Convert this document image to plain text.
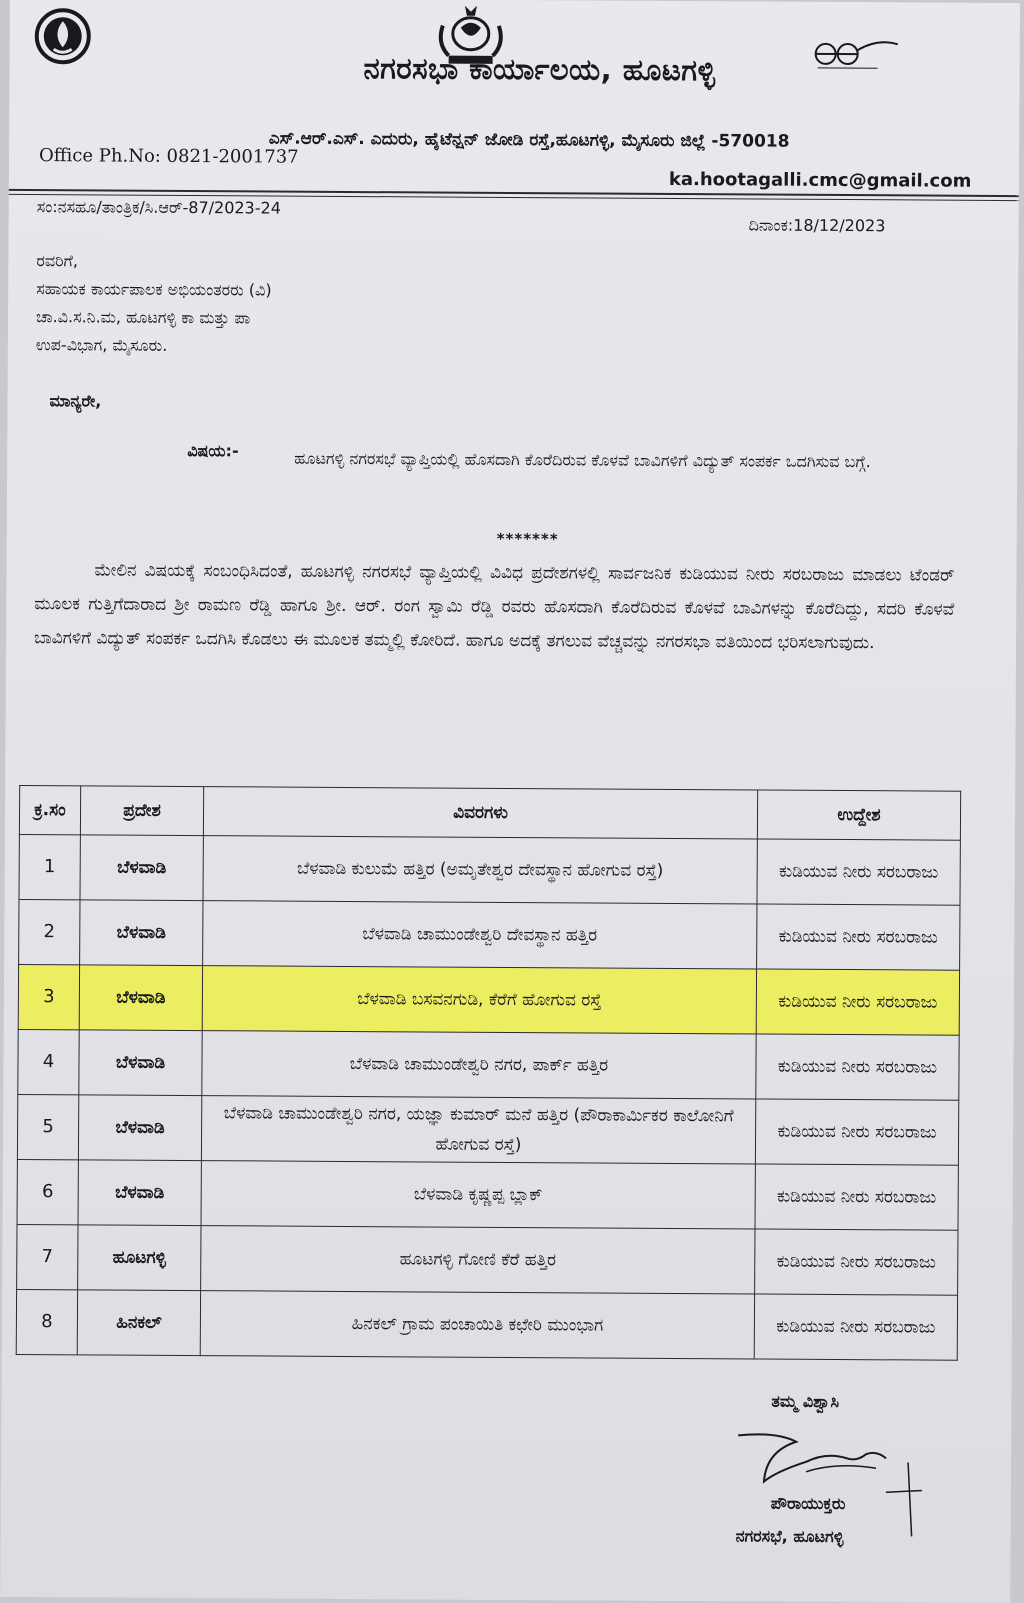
ನಗರಸಭಾ ಕಾರ್ಯಾಲಯ, ಹೂಟಗಳ್ಳಿ
ಎಸ್.ಆರ್.ಎಸ್. ಎದುರು, ಹೈಟೆನ್ಷನ್ ಜೋಡಿ ರಸ್ತೆ,ಹೂಟಗಳ್ಳಿ, ಮೈಸೂರು ಜಿಲ್ಲೆ -570018
Office Ph.No: 0821-2001737
ka.hootagalli.cmc@gmail.com
ಸಂ:ನಸಹೂ/ತಾಂತ್ರಿಕ/ಸಿ.ಆರ್-87/2023-24
ದಿನಾಂಕ:18/12/2023
ರವರಿಗೆ,
ಸಹಾಯಕ ಕಾರ್ಯಪಾಲಕ ಅಭಿಯಂತರರು (ವಿ)
ಚಾ.ವಿ.ಸ.ನಿ.ಮ, ಹೂಟಗಳ್ಳಿ ಕಾ ಮತ್ತು ಪಾ
ಉಪ-ವಿಭಾಗ, ಮೈಸೂರು.
ಮಾನ್ಯರೇ,
ವಿಷಯ:-	ಹೂಟಗಳ್ಳಿ ನಗರಸಭೆ ವ್ಯಾಪ್ತಿಯಲ್ಲಿ ಹೊಸದಾಗಿ ಕೊರೆದಿರುವ ಕೊಳವೆ ಬಾವಿಗಳಿಗೆ ವಿದ್ಯುತ್ ಸಂಪರ್ಕ ಒದಗಿಸುವ ಬಗ್ಗೆ.
*******
ಮೇಲಿನ ವಿಷಯಕ್ಕೆ ಸಂಬಂಧಿಸಿದಂತೆ, ಹೂಟಗಳ್ಳಿ ನಗರಸಭೆ ವ್ಯಾಪ್ತಿಯಲ್ಲಿ ವಿವಿಧ ಪ್ರದೇಶಗಳಲ್ಲಿ ಸಾರ್ವಜನಿಕ ಕುಡಿಯುವ ನೀರು ಸರಬರಾಜು ಮಾಡಲು ಟೆಂಡರ್ ಮೂಲಕ ಗುತ್ತಿಗೆದಾರಾದ ಶ್ರೀ ರಾಮಣ ರೆಡ್ಡಿ ಹಾಗೂ ಶ್ರೀ. ಆರ್. ರಂಗ ಸ್ವಾಮಿ ರೆಡ್ಡಿ ರವರು ಹೊಸದಾಗಿ ಕೊರೆದಿರುವ ಕೊಳವೆ ಬಾವಿಗಳನ್ನು ಕೊರೆದಿದ್ದು, ಸದರಿ ಕೊಳವೆ ಬಾವಿಗಳಿಗೆ ವಿದ್ಯುತ್ ಸಂಪರ್ಕ ಒದಗಿಸಿ ಕೊಡಲು ಈ ಮೂಲಕ ತಮ್ಮಲ್ಲಿ ಕೋರಿದೆ. ಹಾಗೂ ಅದಕ್ಕೆ ತಗಲುವ ವೆಚ್ಚವನ್ನು ನಗರಸಭಾ ವತಿಯಿಂದ ಭರಿಸಲಾಗುವುದು.
ಕ್ರ.ಸಂ	ಪ್ರದೇಶ	ವಿವರಗಳು	ಉದ್ದೇಶ
1	ಬೆಳವಾಡಿ	ಬೆಳವಾಡಿ ಕುಲುಮೆ ಹತ್ತಿರ (ಅಮೃತೇಶ್ವರ ದೇವಸ್ಥಾನ ಹೋಗುವ ರಸ್ತೆ)	ಕುಡಿಯುವ ನೀರು ಸರಬರಾಜು
2	ಬೆಳವಾಡಿ	ಬೆಳವಾಡಿ ಚಾಮುಂಡೇಶ್ವರಿ ದೇವಸ್ಥಾನ ಹತ್ತಿರ	ಕುಡಿಯುವ ನೀರು ಸರಬರಾಜು
3	ಬೆಳವಾಡಿ	ಬೆಳವಾಡಿ ಬಸವನಗುಡಿ, ಕೆರೆಗೆ ಹೋಗುವ ರಸ್ತೆ	ಕುಡಿಯುವ ನೀರು ಸರಬರಾಜು
4	ಬೆಳವಾಡಿ	ಬೆಳವಾಡಿ ಚಾಮುಂಡೇಶ್ವರಿ ನಗರ, ಪಾರ್ಕ್ ಹತ್ತಿರ	ಕುಡಿಯುವ ನೀರು ಸರಬರಾಜು
5	ಬೆಳವಾಡಿ	ಬೆಳವಾಡಿ ಚಾಮುಂಡೇಶ್ವರಿ ನಗರ, ಯಜ್ಞಾ ಕುಮಾರ್ ಮನೆ ಹತ್ತಿರ (ಪೌರಾಕಾರ್ಮಿಕರ ಕಾಲೋನಿಗೆ ಹೋಗುವ ರಸ್ತೆ)	ಕುಡಿಯುವ ನೀರು ಸರಬರಾಜು
6	ಬೆಳವಾಡಿ	ಬೆಳವಾಡಿ ಕೃಷ್ಣಪ್ಪ ಬ್ಲಾಕ್	ಕುಡಿಯುವ ನೀರು ಸರಬರಾಜು
7	ಹೂಟಗಳ್ಳಿ	ಹೂಟಗಳ್ಳಿ ಗೋಣಿ ಕೆರೆ ಹತ್ತಿರ	ಕುಡಿಯುವ ನೀರು ಸರಬರಾಜು
8	ಹಿನಕಲ್	ಹಿನಕಲ್ ಗ್ರಾಮ ಪಂಚಾಯಿತಿ ಕಛೇರಿ ಮುಂಭಾಗ	ಕುಡಿಯುವ ನೀರು ಸರಬರಾಜು
ತಮ್ಮ ವಿಶ್ವಾಸಿ
ಪೌರಾಯುಕ್ತರು
ನಗರಸಭೆ, ಹೂಟಗಳ್ಳಿ
